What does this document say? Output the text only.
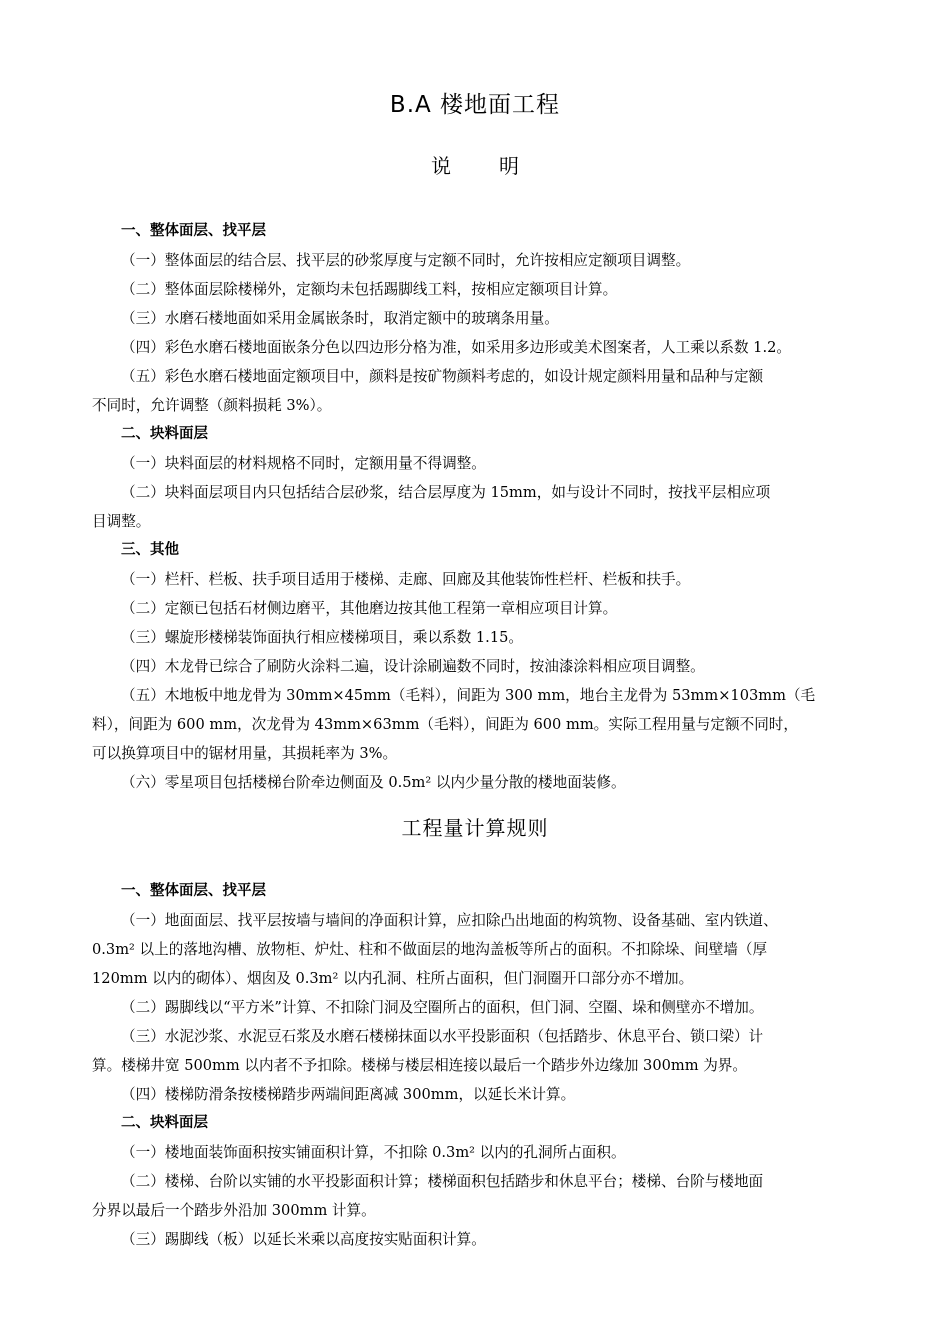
B.A 楼地面工程
说明

一、整体面层、找平层

（一）整体面层的结合层、找平层的砂浆厚度与定额不同时，允许按相应定额项目调整。

（二）整体面层除楼梯外，定额均未包括踢脚线工料，按相应定额项目计算。

（三）水磨石楼地面如采用金属嵌条时，取消定额中的玻璃条用量。

（四）彩色水磨石楼地面嵌条分色以四边形分格为准，如采用多边形或美术图案者，人工乘以系数 1.2。

（五）彩色水磨石楼地面定额项目中，颜料是按矿物颜料考虑的，如设计规定颜料用量和品种与定额

不同时，允许调整（颜料损耗 3%）。

二、块料面层

（一）块料面层的材料规格不同时，定额用量不得调整。

（二）块料面层项目内只包括结合层砂浆，结合层厚度为 15mm，如与设计不同时，按找平层相应项

目调整。

三、其他

（一）栏杆、栏板、扶手项目适用于楼梯、走廊、回廊及其他装饰性栏杆、栏板和扶手。

（二）定额已包括石材侧边磨平，其他磨边按其他工程第一章相应项目计算。

（三）螺旋形楼梯装饰面执行相应楼梯项目，乘以系数 1.15。

（四）木龙骨已综合了刷防火涂料二遍，设计涂刷遍数不同时，按油漆涂料相应项目调整。

（五）木地板中地龙骨为 30mm×45mm（毛料），间距为 300 mm，地台主龙骨为 53mm×103mm（毛

料），间距为 600 mm，次龙骨为 43mm×63mm（毛料），间距为 600 mm。实际工程用量与定额不同时，

可以换算项目中的锯材用量，其损耗率为 3%。

（六）零星项目包括楼梯台阶牵边侧面及 0.5m² 以内少量分散的楼地面装修。

工程量计算规则

一、整体面层、找平层

（一）地面面层、找平层按墙与墙间的净面积计算，应扣除凸出地面的构筑物、设备基础、室内铁道、

0.3m² 以上的落地沟槽、放物柜、炉灶、柱和不做面层的地沟盖板等所占的面积。不扣除垛、间壁墙（厚

120mm 以内的砌体）、烟囱及 0.3m² 以内孔洞、柱所占面积，但门洞圈开口部分亦不增加。

（二）踢脚线以“平方米”计算、不扣除门洞及空圈所占的面积，但门洞、空圈、垛和侧壁亦不增加。

（三）水泥沙浆、水泥豆石浆及水磨石楼梯抹面以水平投影面积（包括踏步、休息平台、锁口梁）计

算。楼梯井宽 500mm 以内者不予扣除。楼梯与楼层相连接以最后一个踏步外边缘加 300mm 为界。

（四）楼梯防滑条按楼梯踏步两端间距离减 300mm，以延长米计算。

二、块料面层

（一）楼地面装饰面积按实铺面积计算，不扣除 0.3m² 以内的孔洞所占面积。

（二）楼梯、台阶以实铺的水平投影面积计算；楼梯面积包括踏步和休息平台；楼梯、台阶与楼地面

分界以最后一个踏步外沿加 300mm 计算。

（三）踢脚线（板）以延长米乘以高度按实贴面积计算。
